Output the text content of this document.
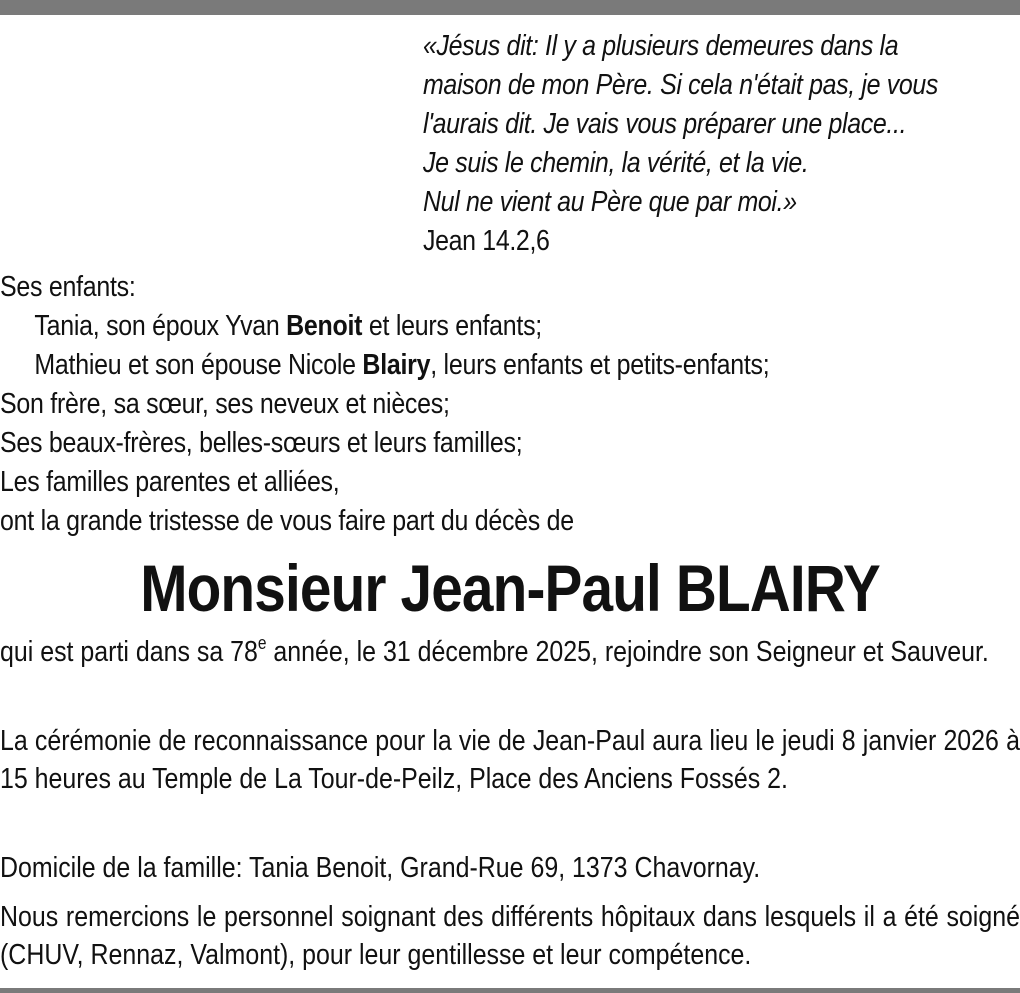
«Jésus dit: Il y a plusieurs demeures dans la
maison de mon Père. Si cela n'était pas, je vous
l'aurais dit. Je vais vous préparer une place...
Je suis le chemin, la vérité, et la vie.
Nul ne vient au Père que par moi.»
Jean 14.2,6
Ses enfants:
Tania, son époux Yvan Benoit et leurs enfants;
Mathieu et son épouse Nicole Blairy, leurs enfants et petits-enfants;
Son frère, sa sœur, ses neveux et nièces;
Ses beaux-frères, belles-sœurs et leurs familles;
Les familles parentes et alliées,
ont la grande tristesse de vous faire part du décès de
Monsieur Jean-Paul BLAIRY
qui est parti dans sa 78e année, le 31 décembre 2025, rejoindre son Seigneur et Sauveur.
La cérémonie de reconnaissance pour la vie de Jean-Paul aura lieu le jeudi 8 janvier 2026 à 15 heures au Temple de La Tour-de-Peilz, Place des Anciens Fossés 2.
Domicile de la famille: Tania Benoit, Grand-Rue 69, 1373 Chavornay.
Nous remercions le personnel soignant des différents hôpitaux dans lesquels il a été soigné (CHUV, Rennaz, Valmont), pour leur gentillesse et leur compétence.
